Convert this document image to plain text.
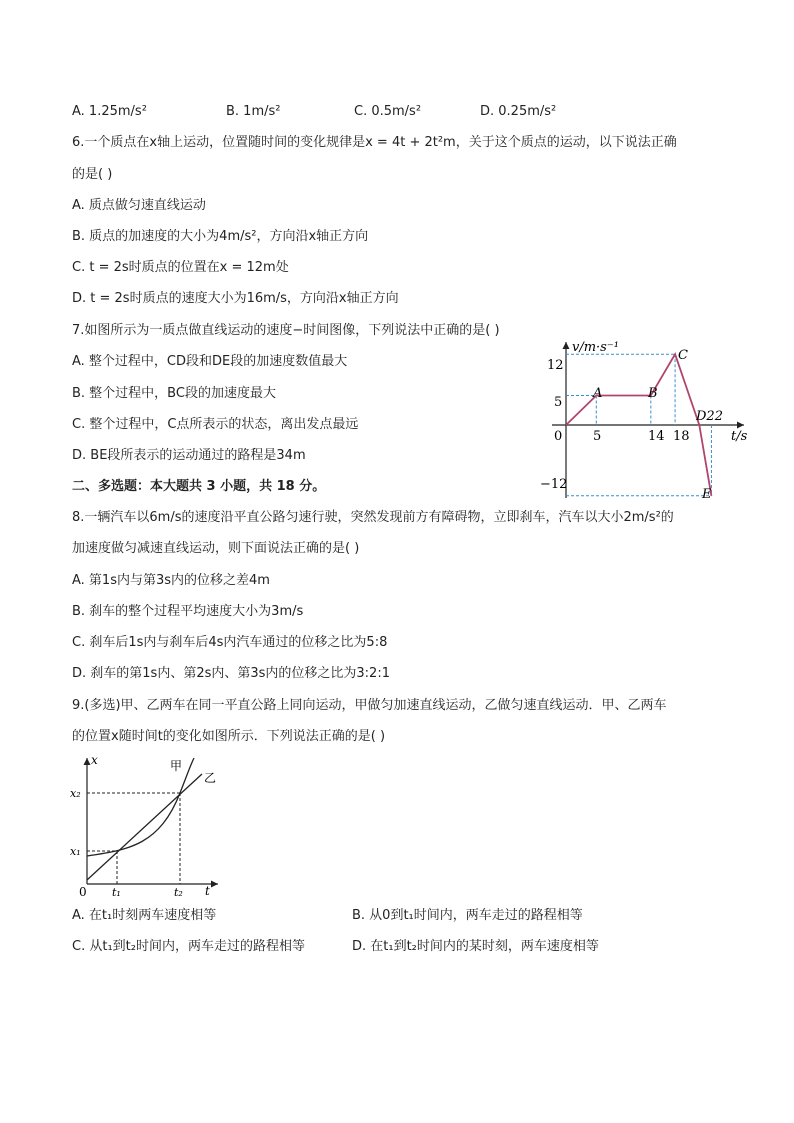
A. 1.25m/s²	B. 1m/s²	C. 0.5m/s²	D. 0.25m/s²
6.一个质点在x轴上运动，位置随时间的变化规律是x = 4t + 2t²m，关于这个质点的运动，以下说法正确
的是( )
A. 质点做匀速直线运动
B. 质点的加速度的大小为4m/s²，方向沿x轴正方向
C. t = 2s时质点的位置在x = 12m处
D. t = 2s时质点的速度大小为16m/s，方向沿x轴正方向
7.如图所示为一质点做直线运动的速度−时间图像，下列说法中正确的是( )
A. 整个过程中，CD段和DE段的加速度数值最大
B. 整个过程中，BC段的加速度最大
C. 整个过程中，C点所表示的状态，离出发点最远
D. BE段所表示的运动通过的路程是34m
v/m·s⁻¹
t/s
0
12
5
−12
5	14 18
A	B
C
D22
E
二、多选题：本大题共 3 小题，共 18 分。
8.一辆汽车以6m/s的速度沿平直公路匀速行驶，突然发现前方有障碍物，立即刹车，汽车以大小2m/s²的
加速度做匀减速直线运动，则下面说法正确的是( )
A. 第1s内与第3s内的位移之差4m
B. 刹车的整个过程平均速度大小为3m/s
C. 刹车后1s内与刹车后4s内汽车通过的位移之比为5:8
D. 刹车的第1s内、第2s内、第3s内的位移之比为3:2:1
9.(多选)甲、乙两车在同一平直公路上同向运动，甲做匀加速直线运动，乙做匀速直线运动．甲、乙两车
的位置x随时间t的变化如图所示．下列说法正确的是( )
x
t
0
x₂
x₁
t₁	t₂
甲
乙
A. 在t₁时刻两车速度相等	B. 从0到t₁时间内，两车走过的路程相等
C. 从t₁到t₂时间内，两车走过的路程相等	D. 在t₁到t₂时间内的某时刻，两车速度相等
